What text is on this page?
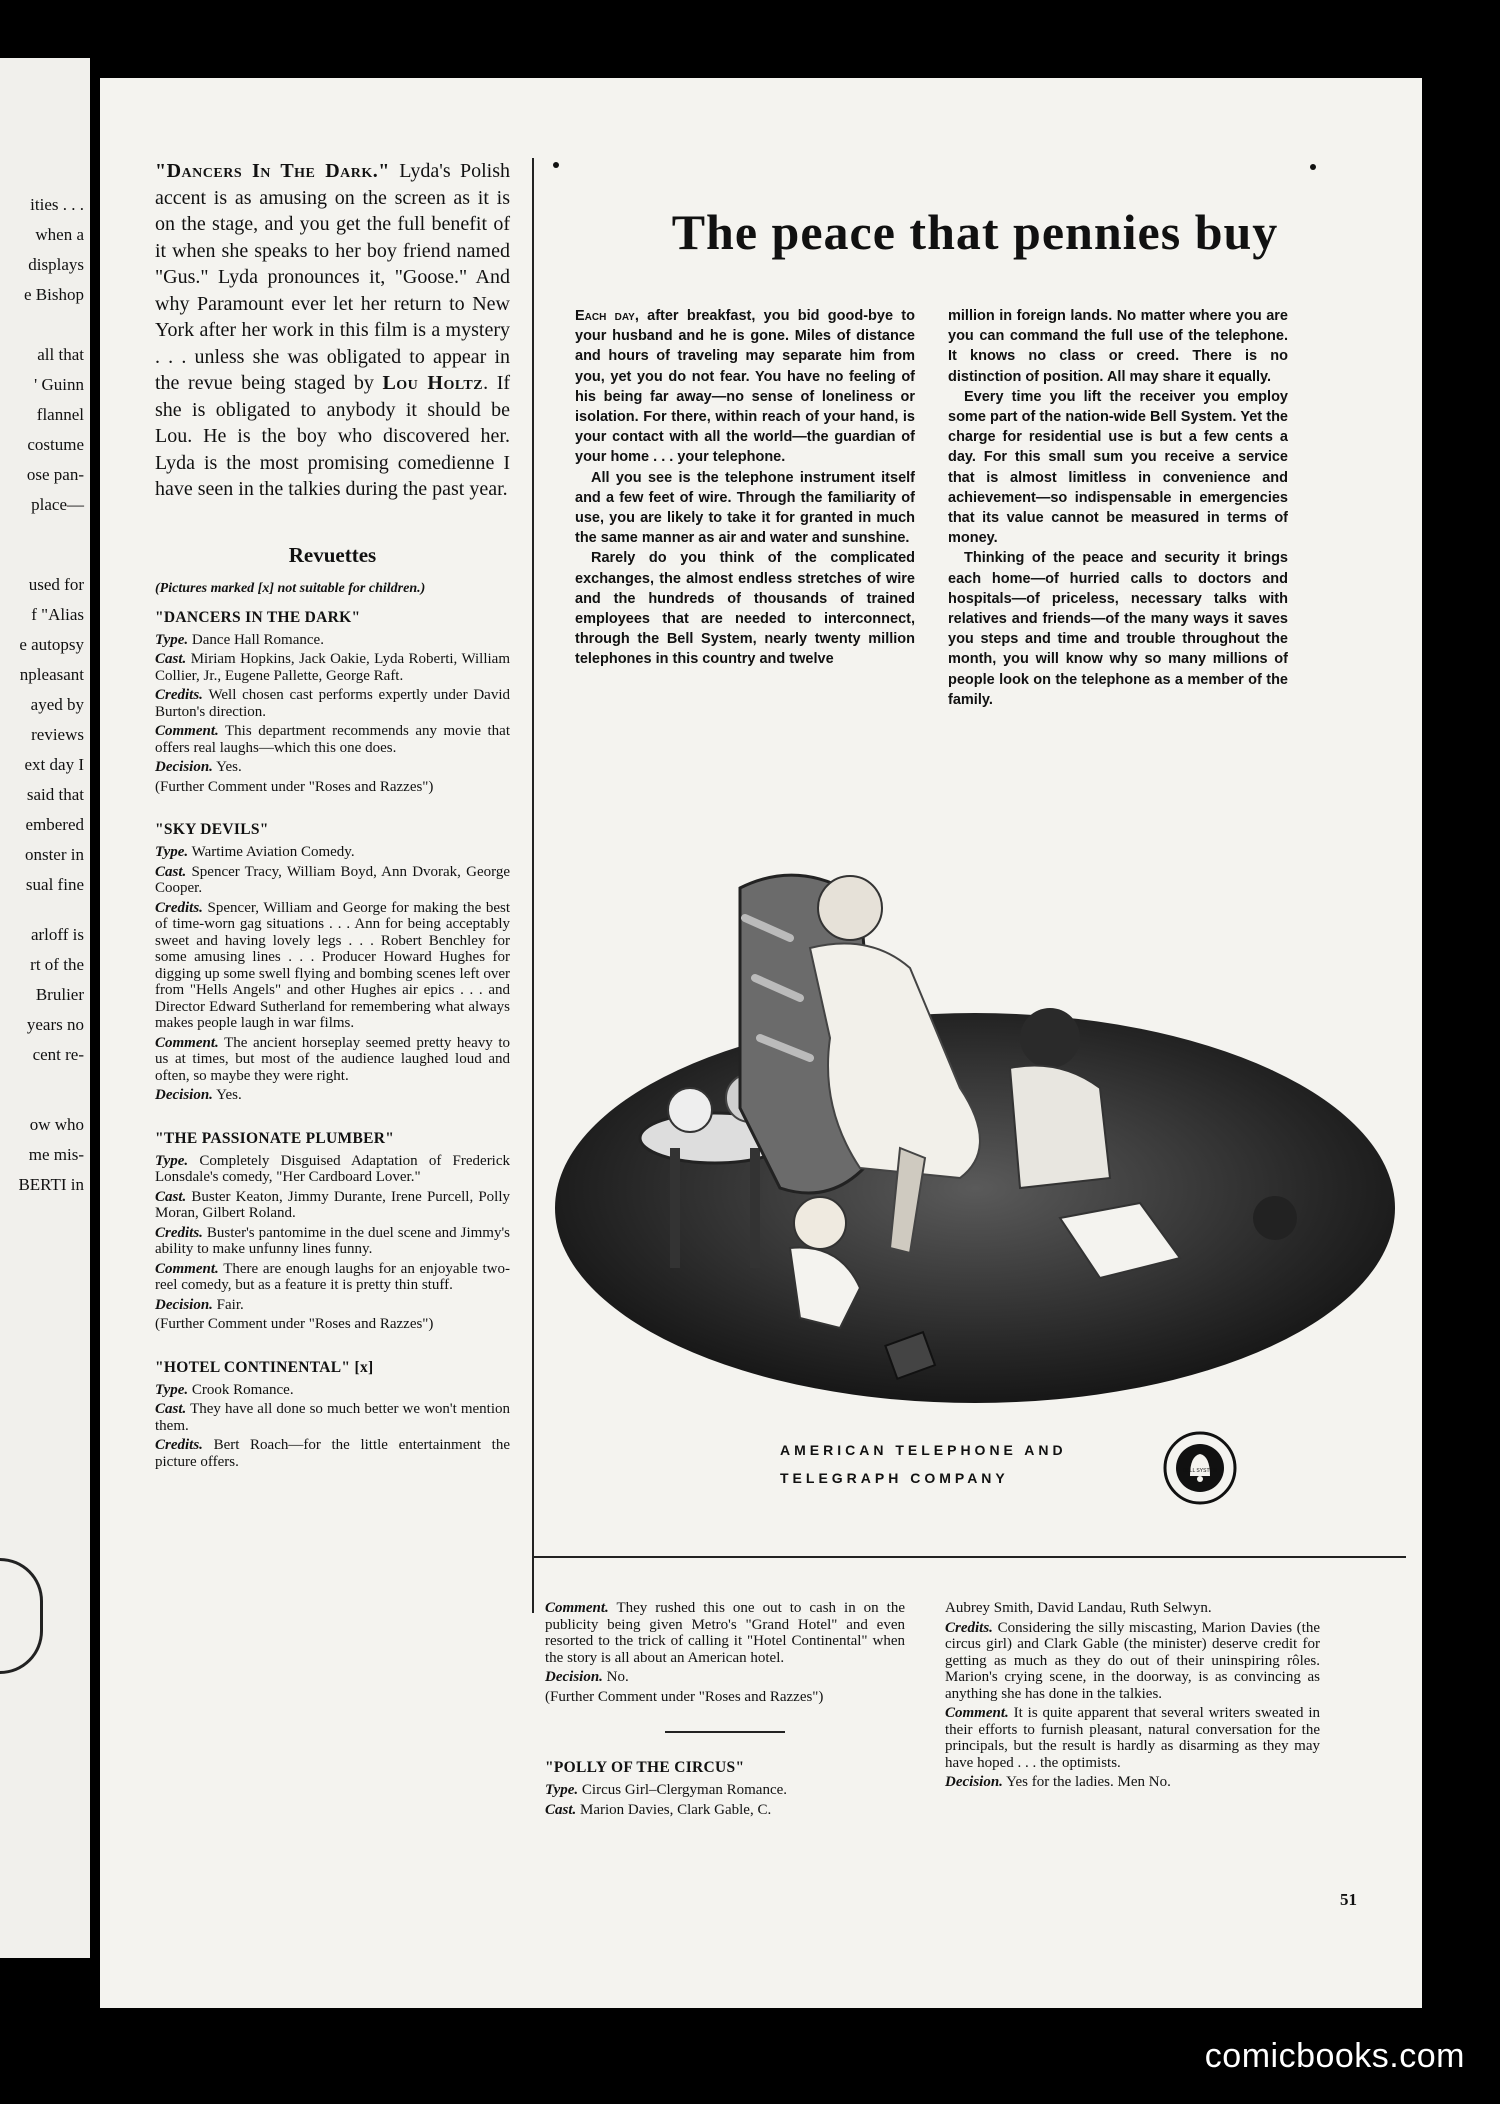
ities . . .
when a
displays
e Bishop
all that
' Guinn
flannel
costume
ose pan-
place—
used for
f "Alias
e autopsy
npleasant
ayed by
reviews
ext day I
said that
embered
onster in
sual fine
arloff is
rt of the
Brulier
years no
cent re-
ow who
me mis-
BERTI in

"Dancers In The Dark." Lyda's Polish accent is as amusing on the screen as it is on the stage, and you get the full benefit of it when she speaks to her boy friend named "Gus." Lyda pronounces it, "Goose." And why Paramount ever let her return to New York after her work in this film is a mystery . . . unless she was obligated to appear in the revue being staged by Lou Holtz. If she is obligated to anybody it should be Lou. He is the boy who discovered her. Lyda is the most promising comedienne I have seen in the talkies during the past year.

Revuettes

(Pictures marked [x] not suitable for children.)

"DANCERS IN THE DARK"

Type. Dance Hall Romance.

Cast. Miriam Hopkins, Jack Oakie, Lyda Roberti, William Collier, Jr., Eugene Pallette, George Raft.

Credits. Well chosen cast performs expertly under David Burton's direction.

Comment. This department recommends any movie that offers real laughs—which this one does.

Decision. Yes.

(Further Comment under "Roses and Razzes")

"SKY DEVILS"

Type. Wartime Aviation Comedy.

Cast. Spencer Tracy, William Boyd, Ann Dvorak, George Cooper.

Credits. Spencer, William and George for making the best of time-worn gag situations . . . Ann for being acceptably sweet and having lovely legs . . . Robert Benchley for some amusing lines . . . Producer Howard Hughes for digging up some swell flying and bombing scenes left over from "Hells Angels" and other Hughes air epics . . . and Director Edward Sutherland for remembering what always makes people laugh in war films.

Comment. The ancient horseplay seemed pretty heavy to us at times, but most of the audience laughed loud and often, so maybe they were right.

Decision. Yes.

"THE PASSIONATE PLUMBER"

Type. Completely Disguised Adaptation of Frederick Lonsdale's comedy, "Her Cardboard Lover."

Cast. Buster Keaton, Jimmy Durante, Irene Purcell, Polly Moran, Gilbert Roland.

Credits. Buster's pantomime in the duel scene and Jimmy's ability to make unfunny lines funny.

Comment. There are enough laughs for an enjoyable two-reel comedy, but as a feature it is pretty thin stuff.

Decision. Fair.

(Further Comment under "Roses and Razzes")

"HOTEL CONTINENTAL" [x]

Type. Crook Romance.

Cast. They have all done so much better we won't mention them.

Credits. Bert Roach—for the little entertainment the picture offers.

The peace that pennies buy

Each day, after breakfast, you bid good-bye to your husband and he is gone. Miles of distance and hours of traveling may separate him from you, yet you do not fear. You have no feeling of his being far away—no sense of loneliness or isolation. For there, within reach of your hand, is your contact with all the world—the guardian of your home . . . your telephone.

All you see is the telephone instrument itself and a few feet of wire. Through the familiarity of use, you are likely to take it for granted in much the same manner as air and water and sunshine.

Rarely do you think of the complicated exchanges, the almost endless stretches of wire and the hundreds of thousands of trained employees that are needed to interconnect, through the Bell System, nearly twenty million telephones in this country and twelve

million in foreign lands. No matter where you are you can command the full use of the telephone. It knows no class or creed. There is no distinction of position. All may share it equally.

Every time you lift the receiver you employ some part of the nation-wide Bell System. Yet the charge for residential use is but a few cents a day. For this small sum you receive a service that is almost limitless in convenience and achievement—so indispensable in emergencies that its value cannot be measured in terms of money.

Thinking of the peace and security it brings each home—of hurried calls to doctors and hospitals—of priceless, necessary talks with relatives and friends—of the many ways it saves you steps and time and trouble throughout the month, you will know why so many millions of people look on the telephone as a member of the family.

AMERICAN TELEPHONE AND
TELEGRAPH COMPANY	BELL SYSTEM

Comment. They rushed this one out to cash in on the publicity being given Metro's "Grand Hotel" and even resorted to the trick of calling it "Hotel Continental" when the story is all about an American hotel.

Decision. No.

(Further Comment under "Roses and Razzes")

"POLLY OF THE CIRCUS"

Type. Circus Girl–Clergyman Romance.

Cast. Marion Davies, Clark Gable, C.

Aubrey Smith, David Landau, Ruth Selwyn.

Credits. Considering the silly miscasting, Marion Davies (the circus girl) and Clark Gable (the minister) deserve credit for getting as much as they do out of their uninspiring rôles. Marion's crying scene, in the doorway, is as convincing as anything she has done in the talkies.

Comment. It is quite apparent that several writers sweated in their efforts to furnish pleasant, natural conversation for the principals, but the result is hardly as disarming as they may have hoped . . . the optimists.

Decision. Yes for the ladies. Men No.

51
comicbooks.com
